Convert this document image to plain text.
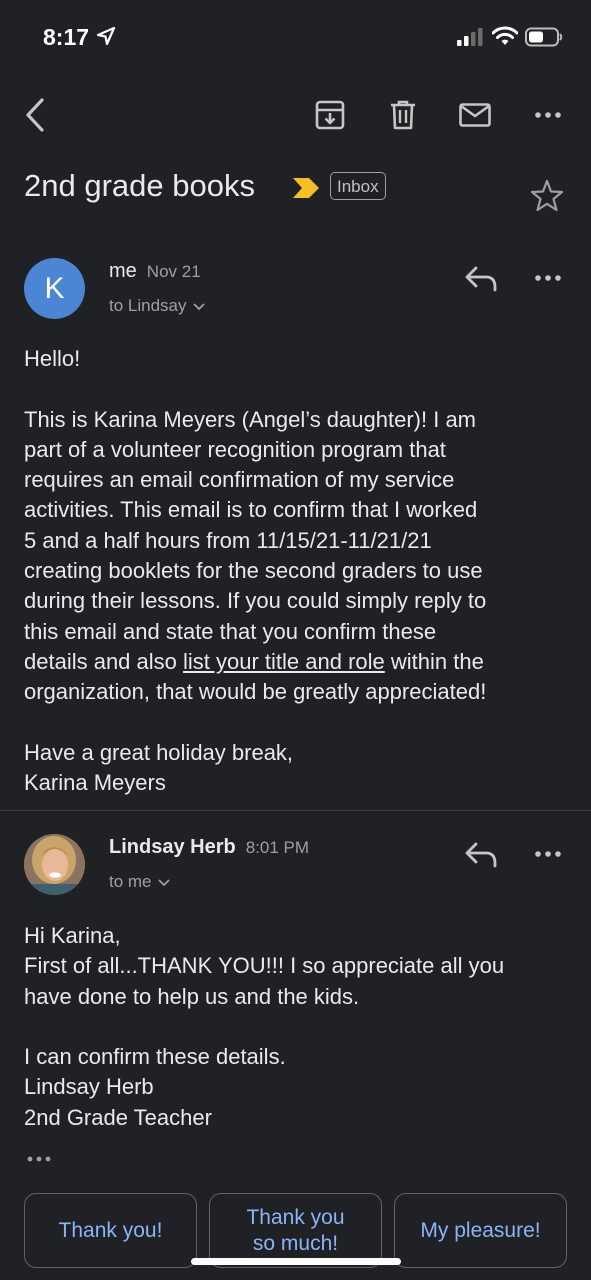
8:17
2nd grade books	Inbox
K
me Nov 21
to Lindsay

Hello!

This is Karina Meyers (Angel’s daughter)! I am

part of a volunteer recognition program that

requires an email confirmation of my service

activities. This email is to confirm that I worked

5 and a half hours from 11/15/21-11/21/21

creating booklets for the second graders to use

during their lessons. If you could simply reply to

this email and state that you confirm these

details and also list your title and role within the

organization, that would be greatly appreciated!

Have a great holiday break,

Karina Meyers

Lindsay Herb 8:01 PM
to me

Hi Karina,

First of all...THANK YOU!!! I so appreciate all you

have done to help us and the kids.

I can confirm these details.

Lindsay Herb

2nd Grade Teacher

Thank you!
Thank you so much!
My pleasure!
